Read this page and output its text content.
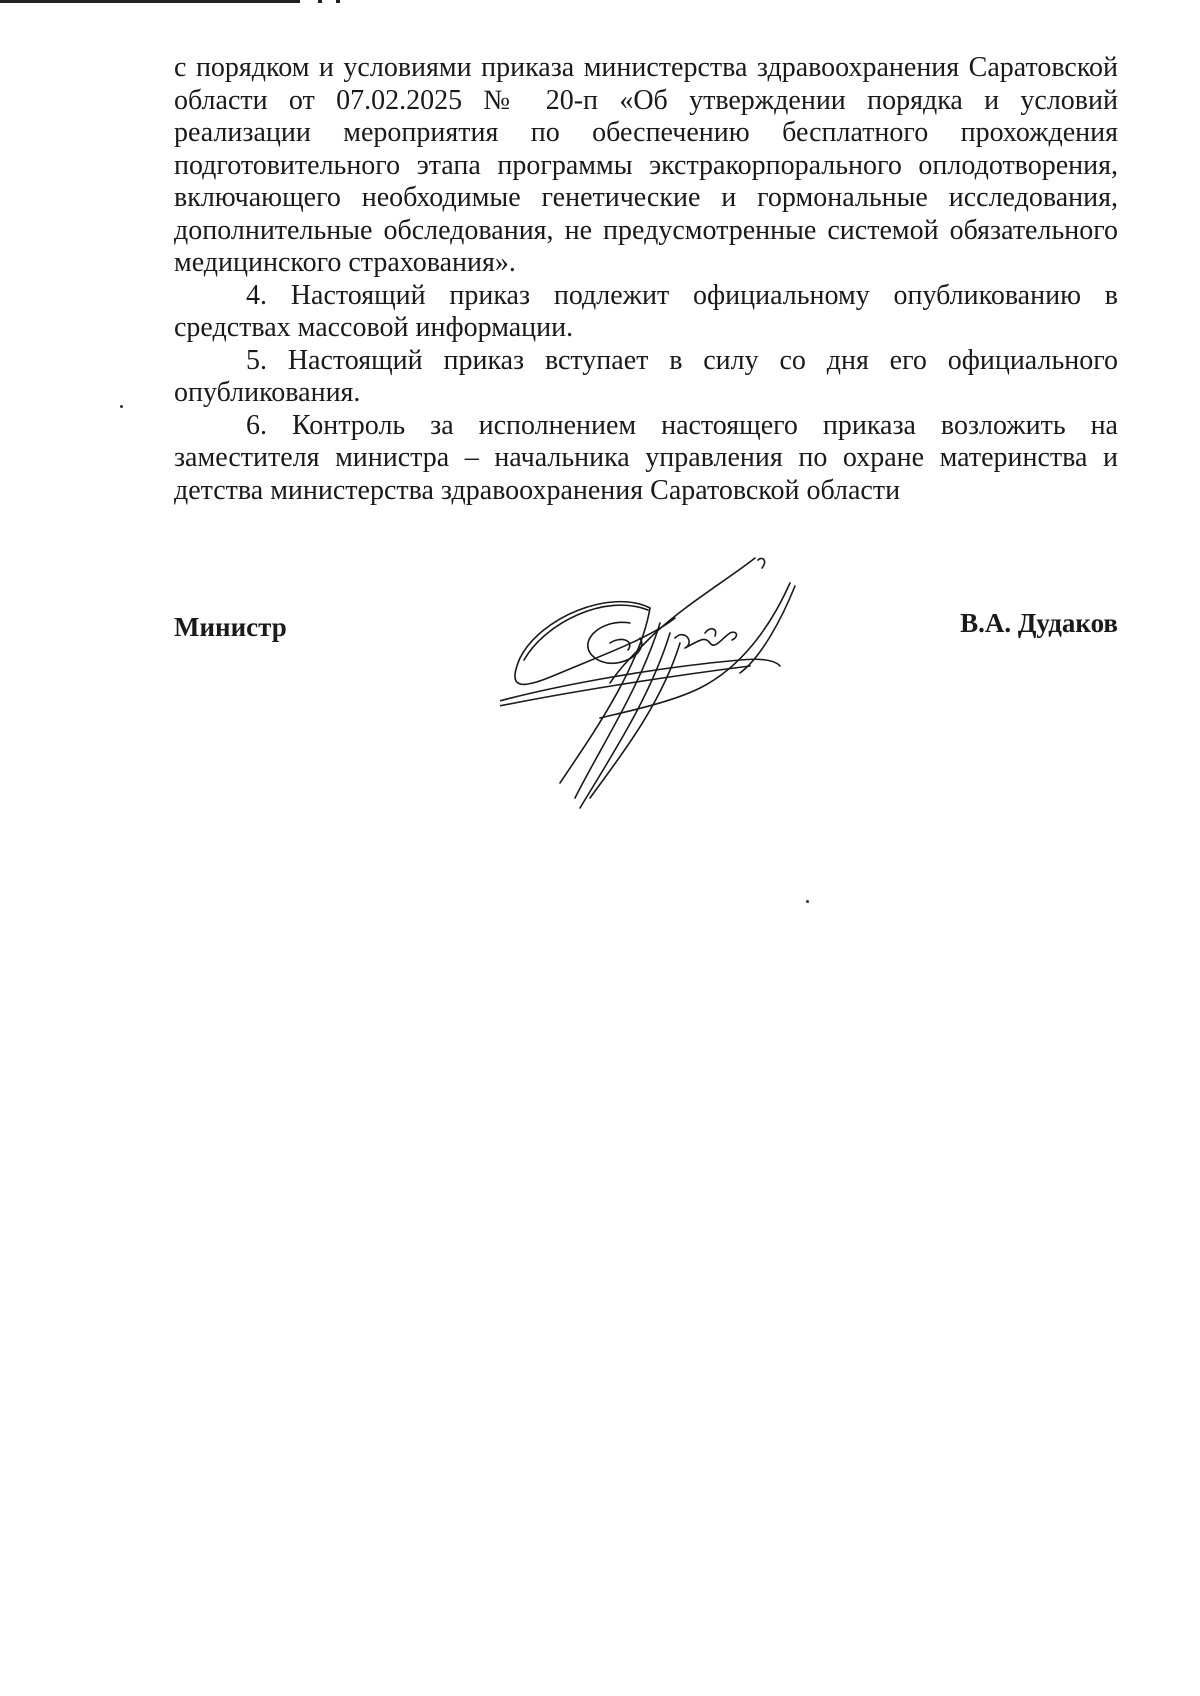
с порядком и условиями приказа министерства здравоохранения Саратовской области от 07.02.2025 № 20-п «Об утверждении порядка и условий реализации мероприятия по обеспечению бесплатного прохождения подготовительного этапа программы экстракорпорального оплодотворения, включающего необходимые генетические и гормональные исследования, дополнительные обследования, не предусмотренные системой обязательного медицинского страхования».

4. Настоящий приказ подлежит официальному опубликованию в средствах массовой информации.

5. Настоящий приказ вступает в силу со дня его официального опубликования.

6. Контроль за исполнением настоящего приказа возложить на заместителя министра – начальника управления по охране материнства и детства министерства здравоохранения Саратовской области

Министр	В.А. Дудаков
